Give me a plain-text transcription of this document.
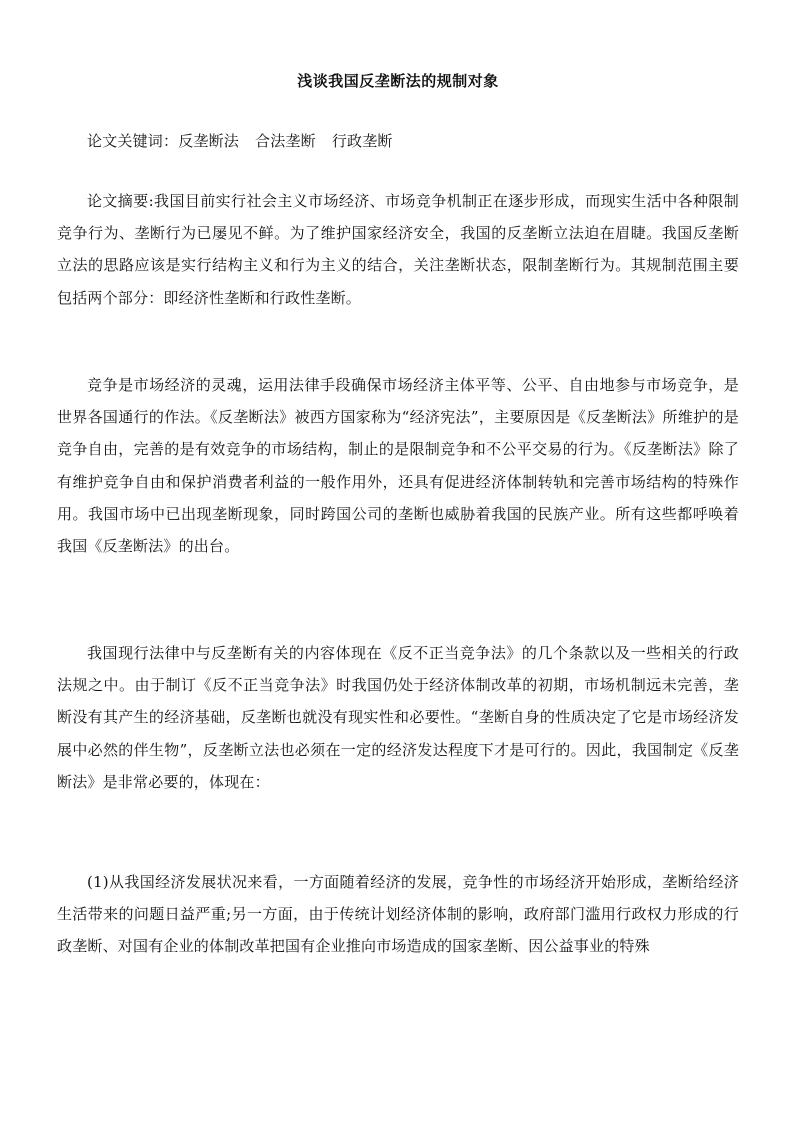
浅谈我国反垄断法的规制对象

论文关键词：反垄断法 合法垄断 行政垄断

论文摘要:我国目前实行社会主义市场经济、市场竞争机制正在逐步形成，而现实生活中各种限制竞争行为、垄断行为已屡见不鲜。为了维护国家经济安全，我国的反垄断立法迫在眉睫。我国反垄断立法的思路应该是实行结构主义和行为主义的结合，关注垄断状态，限制垄断行为。其规制范围主要包括两个部分：即经济性垄断和行政性垄断。

竞争是市场经济的灵魂，运用法律手段确保市场经济主体平等、公平、自由地参与市场竞争，是世界各国通行的作法。《反垄断法》被西方国家称为“经济宪法”，主要原因是《反垄断法》所维护的是竞争自由，完善的是有效竞争的市场结构，制止的是限制竞争和不公平交易的行为。《反垄断法》除了有维护竞争自由和保护消费者利益的一般作用外，还具有促进经济体制转轨和完善市场结构的特殊作用。我国市场中已出现垄断现象，同时跨国公司的垄断也威胁着我国的民族产业。所有这些都呼唤着我国《反垄断法》的出台。

我国现行法律中与反垄断有关的内容体现在《反不正当竞争法》的几个条款以及一些相关的行政法规之中。由于制订《反不正当竞争法》时我国仍处于经济体制改革的初期，市场机制远未完善，垄断没有其产生的经济基础，反垄断也就没有现实性和必要性。“垄断自身的性质决定了它是市场经济发展中必然的伴生物”，反垄断立法也必须在一定的经济发达程度下才是可行的。因此，我国制定《反垄断法》是非常必要的，体现在：

(1)从我国经济发展状况来看，一方面随着经济的发展，竞争性的市场经济开始形成，垄断给经济生活带来的问题日益严重;另一方面，由于传统计划经济体制的影响，政府部门滥用行政权力形成的行政垄断、对国有企业的体制改革把国有企业推向市场造成的国家垄断、因公益事业的特殊
